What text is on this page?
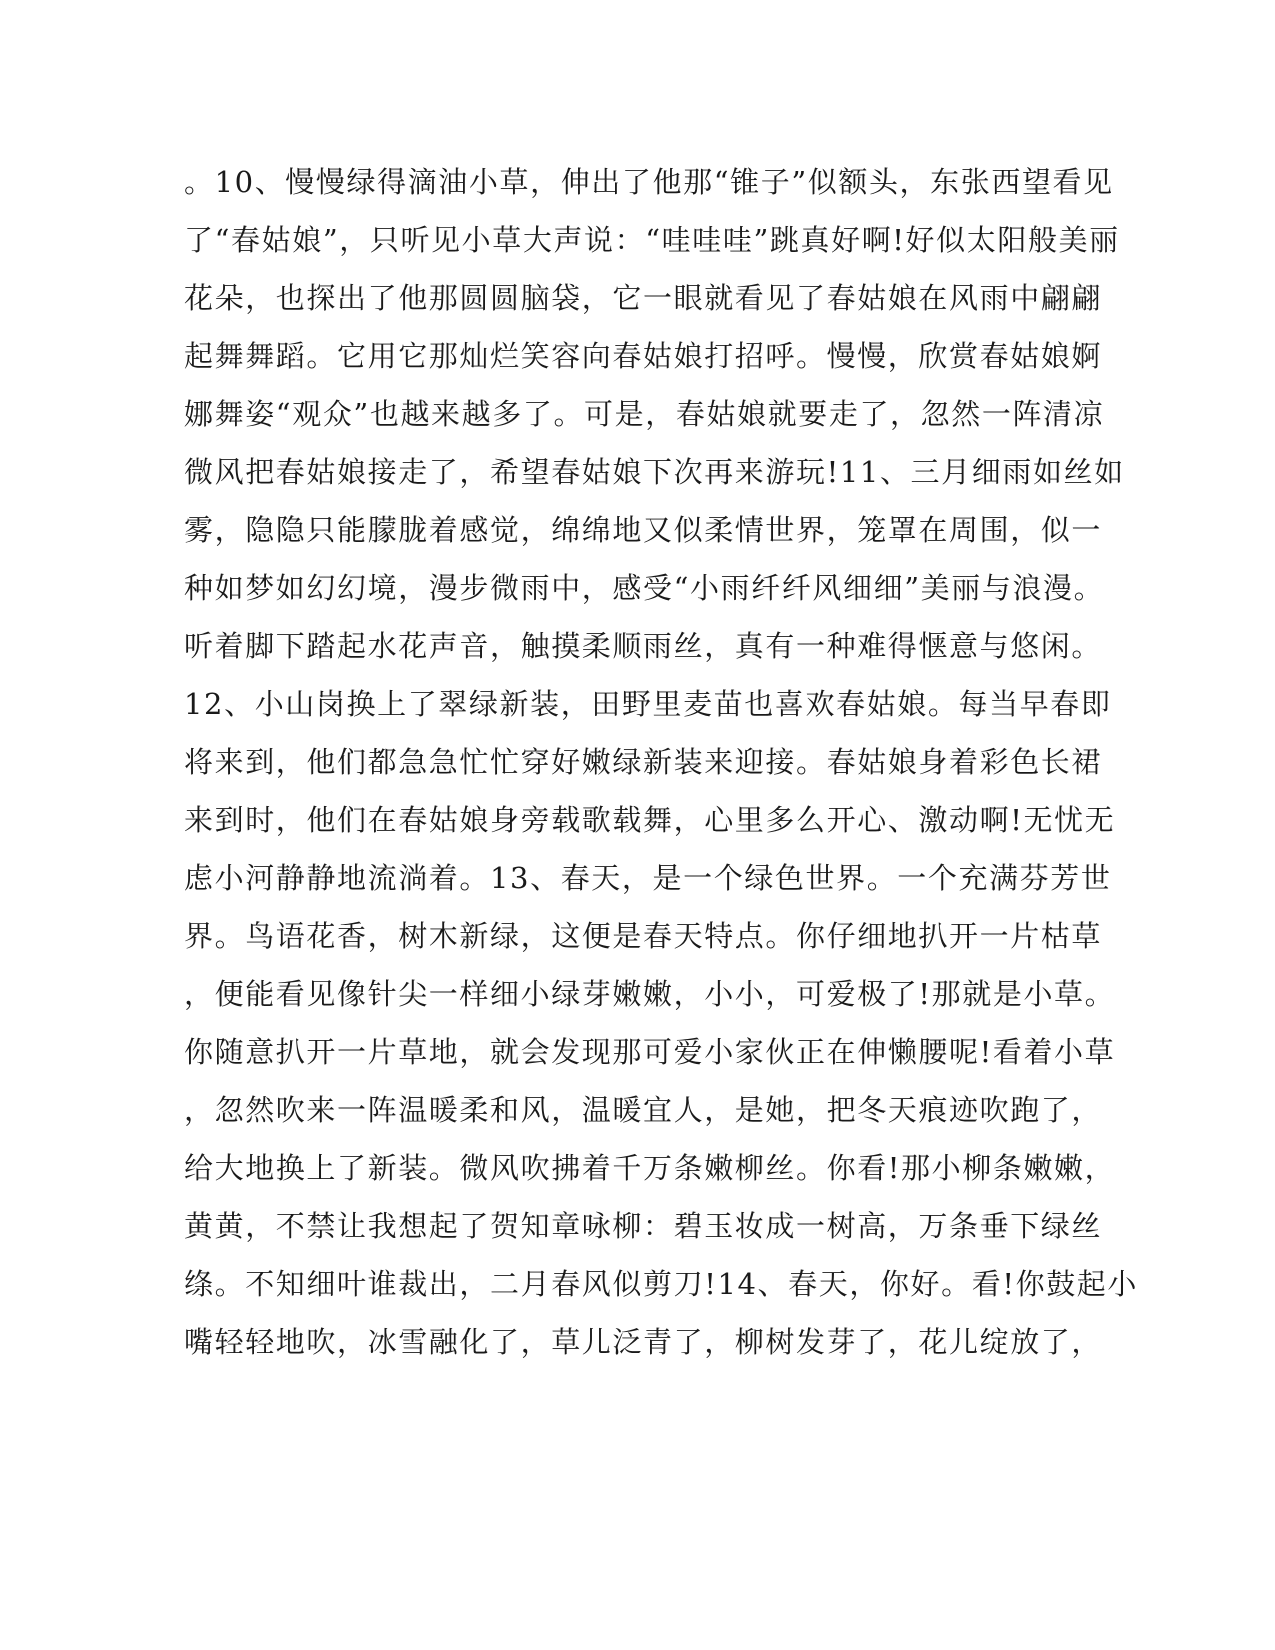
。10、慢慢绿得滴油小草，伸出了他那“锥子”似额头，东张西望看见
了“春姑娘”，只听见小草大声说：“哇哇哇”跳真好啊!好似太阳般美丽
花朵，也探出了他那圆圆脑袋，它一眼就看见了春姑娘在风雨中翩翩
起舞舞蹈。它用它那灿烂笑容向春姑娘打招呼。慢慢，欣赏春姑娘婀
娜舞姿“观众”也越来越多了。可是，春姑娘就要走了，忽然一阵清凉
微风把春姑娘接走了，希望春姑娘下次再来游玩!11、三月细雨如丝如
雾，隐隐只能朦胧着感觉，绵绵地又似柔情世界，笼罩在周围，似一
种如梦如幻幻境，漫步微雨中，感受“小雨纤纤风细细”美丽与浪漫。
听着脚下踏起水花声音，触摸柔顺雨丝，真有一种难得惬意与悠闲。
12、小山岗换上了翠绿新装，田野里麦苗也喜欢春姑娘。每当早春即
将来到，他们都急急忙忙穿好嫩绿新装来迎接。春姑娘身着彩色长裙
来到时，他们在春姑娘身旁载歌载舞，心里多么开心、激动啊!无忧无
虑小河静静地流淌着。13、春天，是一个绿色世界。一个充满芬芳世
界。鸟语花香，树木新绿，这便是春天特点。你仔细地扒开一片枯草
，便能看见像针尖一样细小绿芽嫩嫩，小小，可爱极了!那就是小草。
你随意扒开一片草地，就会发现那可爱小家伙正在伸懒腰呢!看着小草
，忽然吹来一阵温暖柔和风，温暖宜人，是她，把冬天痕迹吹跑了，
给大地换上了新装。微风吹拂着千万条嫩柳丝。你看!那小柳条嫩嫩，
黄黄，不禁让我想起了贺知章咏柳：碧玉妆成一树高，万条垂下绿丝
绦。不知细叶谁裁出，二月春风似剪刀!14、春天，你好。看!你鼓起小
嘴轻轻地吹，冰雪融化了，草儿泛青了，柳树发芽了，花儿绽放了，
